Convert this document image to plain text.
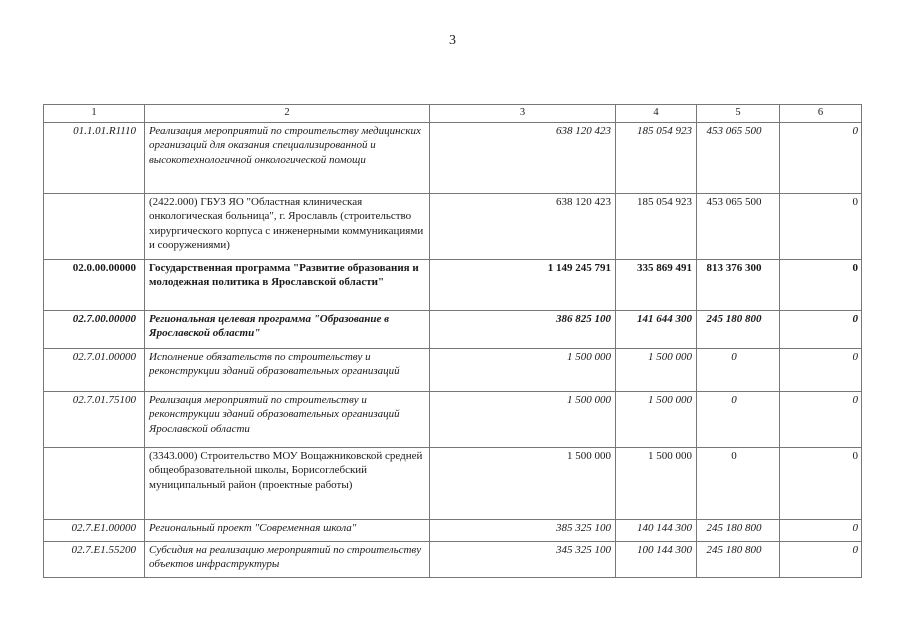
3
1	2	3	4	5	6
01.1.01.R1110	Реализация мероприятий по строительству медицинских организаций для оказания специализированной и высокотехнологичной онкологической помощи	638 120 423	185 054 923	453 065 500	0
	(2422.000) ГБУЗ ЯО "Областная клиническая онкологическая больница", г. Ярославль (строительство хирургического корпуса с инженерными коммуникациями и сооружениями)	638 120 423	185 054 923	453 065 500	0
02.0.00.00000	Государственная программа "Развитие образования и молодежная политика в Ярославской области"	1 149 245 791	335 869 491	813 376 300	0
02.7.00.00000	Региональная целевая программа "Образование в Ярославской области"	386 825 100	141 644 300	245 180 800	0
02.7.01.00000	Исполнение обязательств по строительству и реконструкции зданий образовательных организаций	1 500 000	1 500 000	0	0
02.7.01.75100	Реализация мероприятий по строительству и реконструкции зданий образовательных организаций Ярославской области	1 500 000	1 500 000	0	0
	(3343.000) Строительство МОУ Вощажниковской средней общеобразовательной школы, Борисоглебский муниципальный район (проектные работы)	1 500 000	1 500 000	0	0
02.7.E1.00000	Региональный проект "Современная школа"	385 325 100	140 144 300	245 180 800	0
02.7.E1.55200	Субсидия на реализацию мероприятий по строительству объектов инфраструктуры	345 325 100	100 144 300	245 180 800	0
